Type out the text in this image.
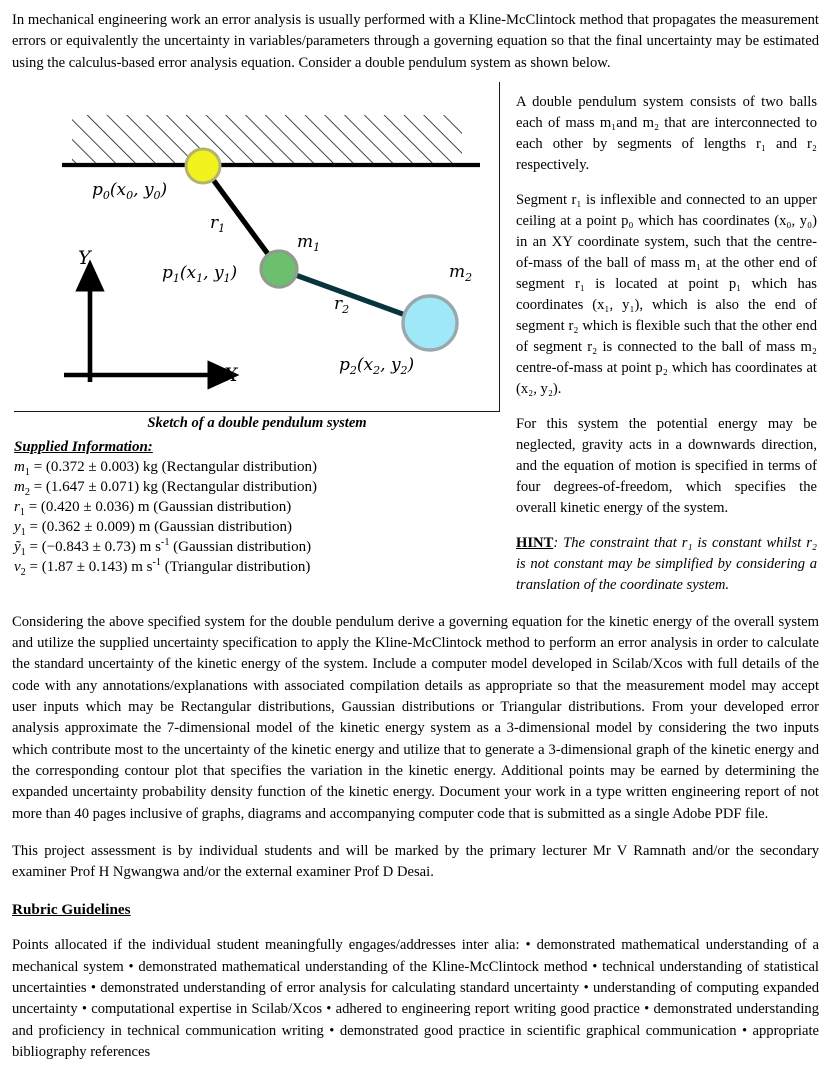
In mechanical engineering work an error analysis is usually performed with a Kline-McClintock method that propagates the measurement errors or equivalently the uncertainty in variables/parameters through a governing equation so that the final uncertainty may be estimated using the calculus-based error analysis equation. Consider a double pendulum system as shown below.

$p_0(x_0$, $y_0$)
$r_1$
$m_1$
$p_1(x_1$, $y_1$)
$r_2$
$m_2$
$p_2(x_2$, $y_2$)
Y
X
Sketch of a double pendulum system
Supplied Information:
$m_1 = (0.372 \pm 0.003)$ kg (Rectangular distribution)
$m_2 = (1.647 \pm 0.071)$ kg (Rectangular distribution)
$r_1 = (0.420 \pm 0.036)$ m (Gaussian distribution)
$y_1 = (0.362 \pm 0.009)$ m (Gaussian distribution)
ỹ$_1$ = (−0.843 ± 0.73) m $s^{-1}$ (Gaussian distribution)
$v_2 = (1.87 \pm 0.143)$ m $s^{-1}$ (Triangular distribution)

A double pendulum system consists of two balls each of mass m₁and m₂ that are interconnected to each other by segments of lengths r₁ and r₂ respectively.

Segment r₁ is inflexible and connected to an upper ceiling at a point p₀ which has coordinates (x₀, y₀) in an XY coordinate system, such that the centre-of-mass of the ball of mass m₁ at the other end of segment r₁ is located at point p₁ which has coordinates (x₁, y₁), which is also the end of segment r₂ which is flexible such that the other end of segment r₂ is connected to the ball of mass m₂ centre-of-mass at point p₂ which has coordinates at (x₂, y₂).

For this system the potential energy may be neglected, gravity acts in a downwards direction, and the equation of motion is specified in terms of four degrees-of-freedom, which specifies the overall kinetic energy of the system.

HINT: The constraint that r₁ is constant whilst r₂ is not constant may be simplified by considering a translation of the coordinate system.

Considering the above specified system for the double pendulum derive a governing equation for the kinetic energy of the overall system and utilize the supplied uncertainty specification to apply the Kline-McClintock method to perform an error analysis in order to calculate the standard uncertainty of the kinetic energy of the system. Include a computer model developed in Scilab/Xcos with full details of the code with any annotations/explanations with associated compilation details as appropriate so that the measurement model may accept user inputs which may be Rectangular distributions, Gaussian distributions or Triangular distributions. From your developed error analysis approximate the 7-dimensional model of the kinetic energy system as a 3-dimensional model by considering the two inputs which contribute most to the uncertainty of the kinetic energy and utilize that to generate a 3-dimensional graph of the kinetic energy and the corresponding contour plot that specifies the variation in the kinetic energy. Additional points may be earned by determining the expanded uncertainty probability density function of the kinetic energy. Document your work in a type written engineering report of not more than 40 pages inclusive of graphs, diagrams and accompanying computer code that is submitted as a single Adobe PDF file.

This project assessment is by individual students and will be marked by the primary lecturer Mr V Ramnath and/or the secondary examiner Prof H Ngwangwa and/or the external examiner Prof D Desai.

Rubric Guidelines

Points allocated if the individual student meaningfully engages/addresses inter alia: • demonstrated mathematical understanding of a mechanical system • demonstrated mathematical understanding of the Kline-McClintock method • technical understanding of statistical uncertainties • demonstrated understanding of error analysis for calculating standard uncertainty • understanding of computing expanded uncertainty • computational expertise in Scilab/Xcos • adhered to engineering report writing good practice • demonstrated understanding and proficiency in technical communication writing • demonstrated good practice in scientific graphical communication • appropriate bibliography references
